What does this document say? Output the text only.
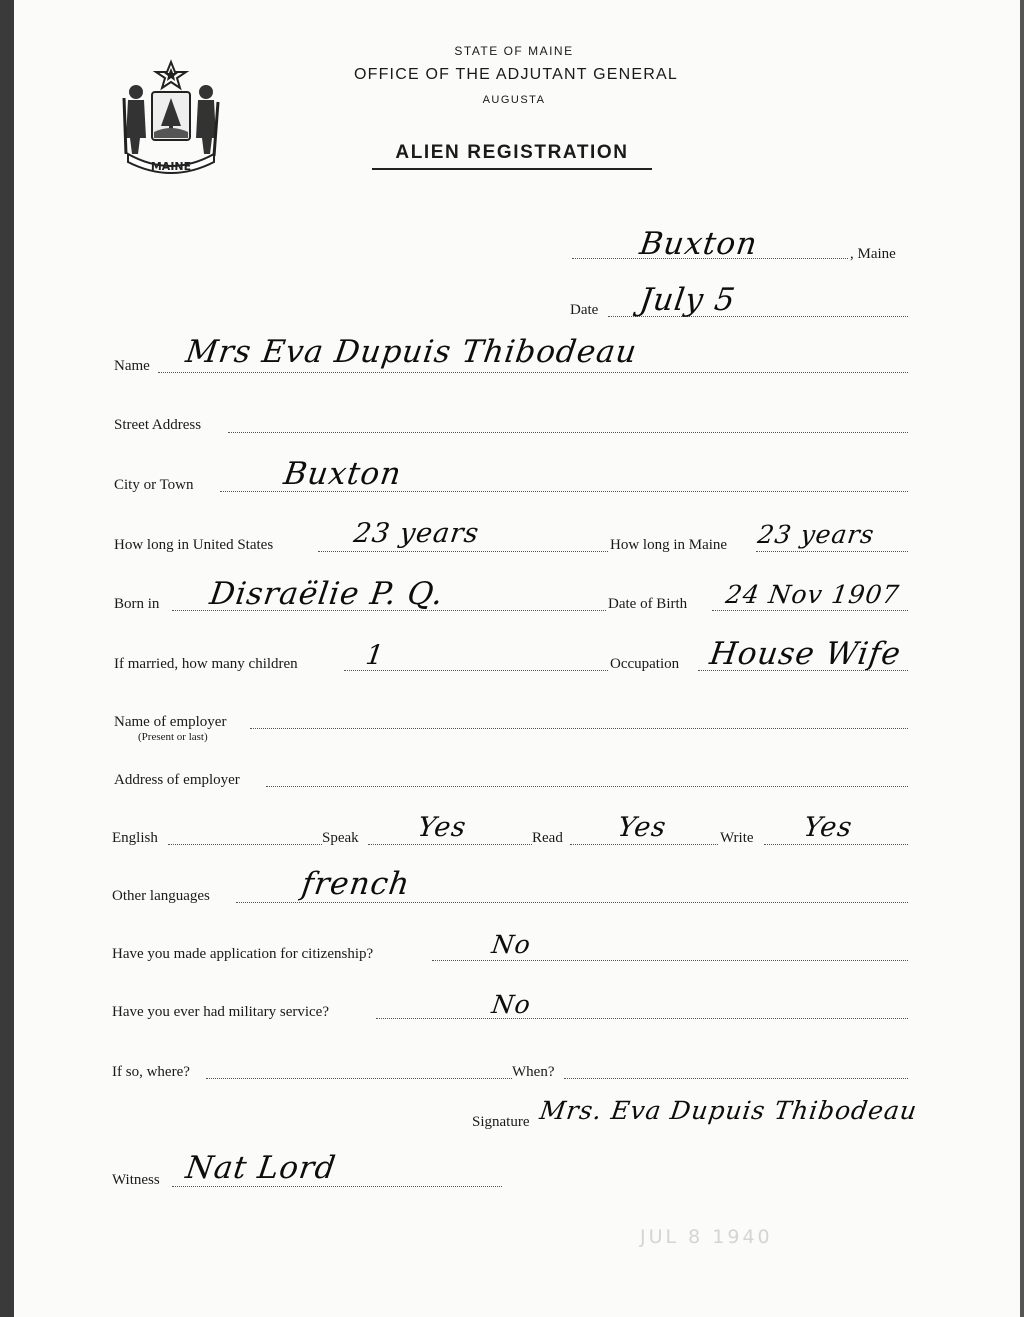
MAINE
STATE OF MAINE
OFFICE OF THE ADJUTANT GENERAL
AUGUSTA
ALIEN REGISTRATION
Buxton	, Maine
Date July 5
Name Mrs Eva Dupuis Thibodeau
Street Address
City or Town	Buxton
How long in United States	23 years	How long in Maine 23 years
Born in Disraëlie P. Q.	Date of Birth 24 Nov 1907
If married, how many children 1	Occupation House Wife
Name of employer
(Present or last)
Address of employer
English	Speak Yes	Read Yes	Write Yes
Other languages	french
Have you made application for citizenship?	No
Have you ever had military service?	No
If so, where?	When?
Signature Mrs. Eva Dupuis Thibodeau
Witness Nat Lord
JUL 8 1940
